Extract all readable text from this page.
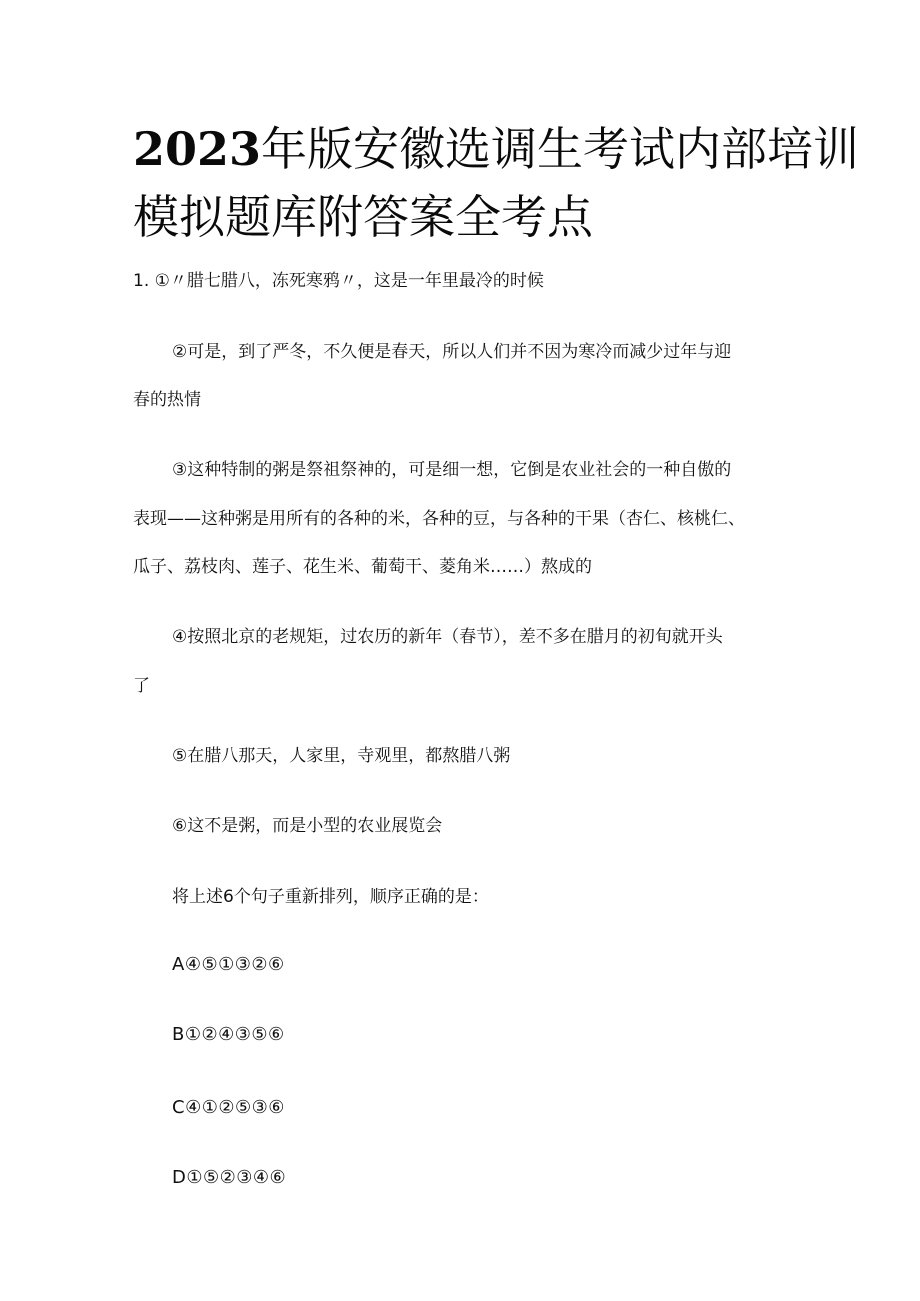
2023年版安徽选调生考试内部培训
模拟题库附答案全考点

1. ①〃腊七腊八，冻死寒鸦〃，这是一年里最冷的时候

②可是，到了严冬，不久便是春天，所以人们并不因为寒冷而减少过年与迎

春的热情

③这种特制的粥是祭祖祭神的，可是细一想，它倒是农业社会的一种自傲的

表现——这种粥是用所有的各种的米，各种的豆，与各种的干果（杏仁、核桃仁、

瓜子、荔枝肉、莲子、花生米、葡萄干、菱角米……）熬成的

④按照北京的老规矩，过农历的新年（春节），差不多在腊月的初旬就开头

了

⑤在腊八那天，人家里，寺观里，都熬腊八粥

⑥这不是粥，而是小型的农业展览会

将上述6个句子重新排列，顺序正确的是：

A④⑤①③②⑥

B①②④③⑤⑥

C④①②⑤③⑥

D①⑤②③④⑥
